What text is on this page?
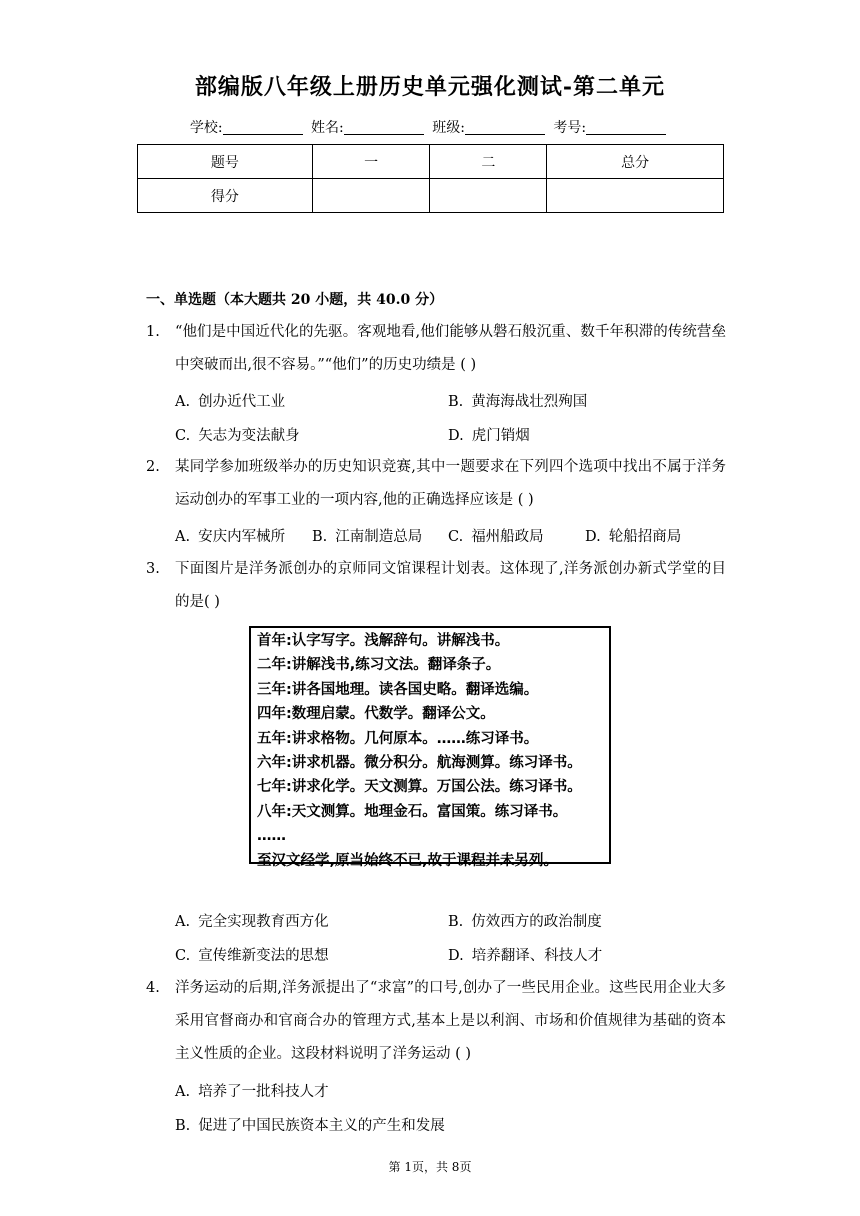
部编版八年级上册历史单元强化测试-第二单元
学校:	姓名:	班级:	考号:
题号	一	二	总分
得分			
一、单选题（本大题共 20 小题，共 40.0 分）
1. “他们是中国近代化的先驱。客观地看,他们能够从磐石般沉重、数千年积滞的传统营垒中突破而出,很不容易。”“他们”的历史功绩是 ( )
A. 创办近代工业	B. 黄海海战壮烈殉国
C. 矢志为变法献身	D. 虎门销烟
2. 某同学参加班级举办的历史知识竞赛,其中一题要求在下列四个选项中找出不属于洋务运动创办的军事工业的一项内容,他的正确选择应该是 ( )
A. 安庆内军械所 B. 江南制造总局 C. 福州船政局	D. 轮船招商局
3. 下面图片是洋务派创办的京师同文馆课程计划表。这体现了,洋务派创办新式学堂的目的是( )
首年:认字写字。浅解辞句。讲解浅书。
二年:讲解浅书,练习文法。翻译条子。
三年:讲各国地理。读各国史略。翻译选编。
四年:数理启蒙。代数学。翻译公文。
五年:讲求格物。几何原本。……练习译书。
六年:讲求机器。微分积分。航海测算。练习译书。
七年:讲求化学。天文测算。万国公法。练习译书。
八年:天文测算。地理金石。富国策。练习译书。
……
至汉文经学,原当始终不已,故于课程并未另列。
A. 完全实现教育西方化	B. 仿效西方的政治制度
C. 宣传维新变法的思想	D. 培养翻译、科技人才
4. 洋务运动的后期,洋务派提出了“求富”的口号,创办了一些民用企业。这些民用企业大多采用官督商办和官商合办的管理方式,基本上是以利润、市场和价值规律为基础的资本主义性质的企业。这段材料说明了洋务运动 ( )
A. 培养了一批科技人才
B. 促进了中国民族资本主义的产生和发展
第 1页，共 8页
